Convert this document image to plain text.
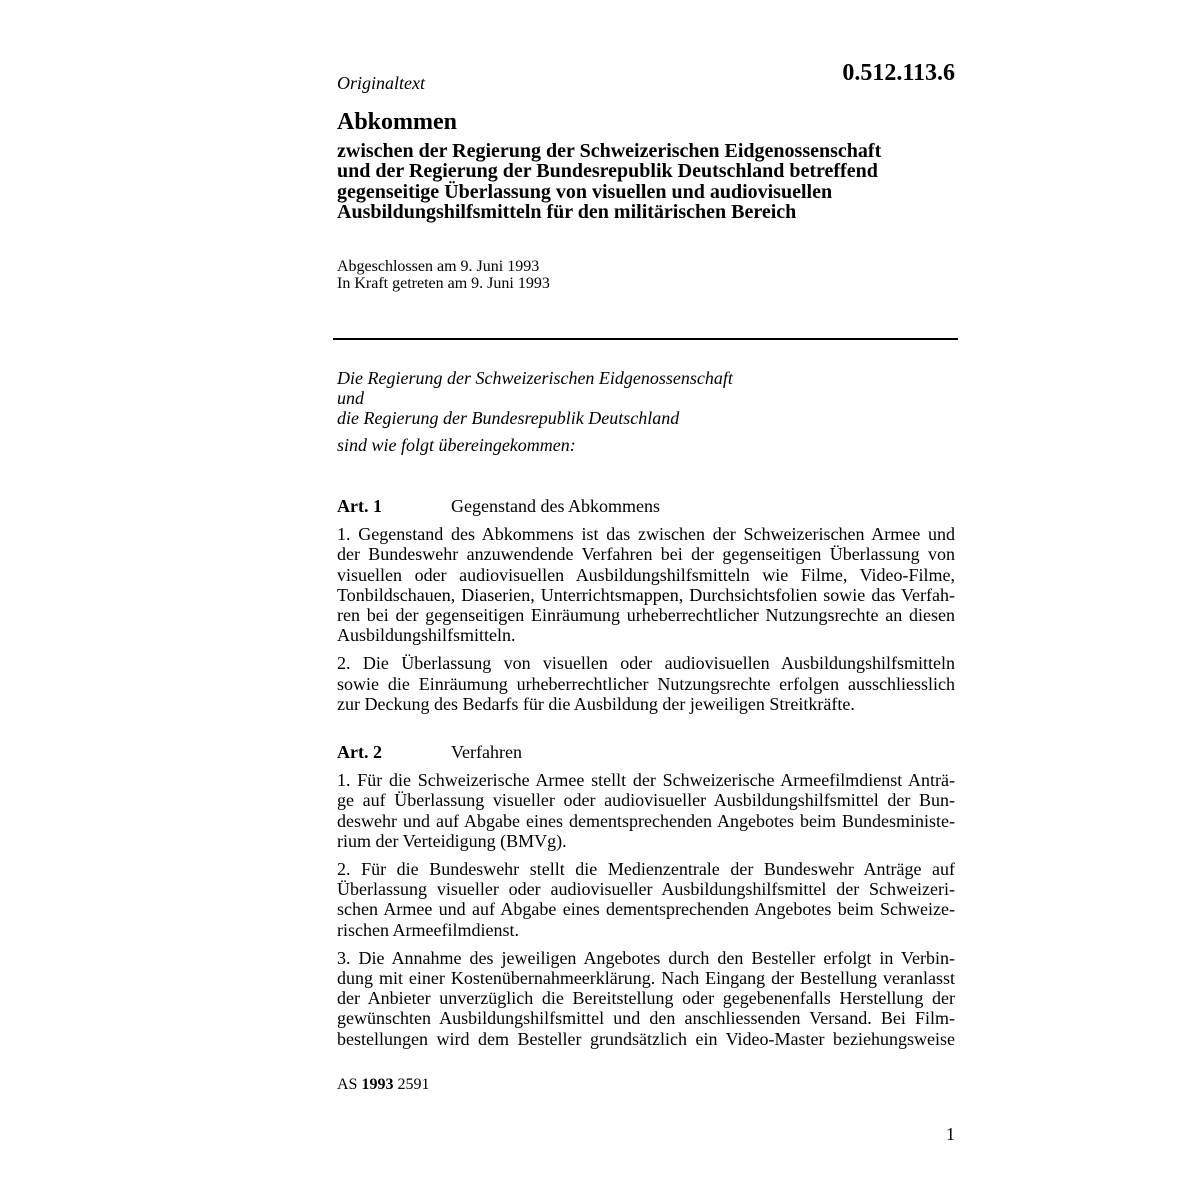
Originaltext	0.512.113.6
Abkommen
zwischen der Regierung der Schweizerischen Eidgenossenschaft
und der Regierung der Bundesrepublik Deutschland betreffend
gegenseitige Überlassung von visuellen und audiovisuellen
Ausbildungshilfsmitteln für den militärischen Bereich
Abgeschlossen am 9. Juni 1993
In Kraft getreten am 9. Juni 1993
Die Regierung der Schweizerischen Eidgenossenschaft
und
die Regierung der Bundesrepublik Deutschland
sind wie folgt übereingekommen:
Art. 1	Gegenstand des Abkommens
1. Gegenstand des Abkommens ist das zwischen der Schweizerischen Armee und
der Bundeswehr anzuwendende Verfahren bei der gegenseitigen Überlassung von
visuellen oder audiovisuellen Ausbildungshilfsmitteln wie Filme, Video-Filme,
Tonbildschauen, Diaserien, Unterrichtsmappen, Durchsichtsfolien sowie das Verfah-
ren bei der gegenseitigen Einräumung urheberrechtlicher Nutzungsrechte an diesen
Ausbildungshilfsmitteln.
2. Die Überlassung von visuellen oder audiovisuellen Ausbildungshilfsmitteln
sowie die Einräumung urheberrechtlicher Nutzungsrechte erfolgen ausschliesslich
zur Deckung des Bedarfs für die Ausbildung der jeweiligen Streitkräfte.
Art. 2	Verfahren
1. Für die Schweizerische Armee stellt der Schweizerische Armeefilmdienst Anträ-
ge auf Überlassung visueller oder audiovisueller Ausbildungshilfsmittel der Bun-
deswehr und auf Abgabe eines dementsprechenden Angebotes beim Bundesministe-
rium der Verteidigung (BMVg).
2. Für die Bundeswehr stellt die Medienzentrale der Bundeswehr Anträge auf
Überlassung visueller oder audiovisueller Ausbildungshilfsmittel der Schweizeri-
schen Armee und auf Abgabe eines dementsprechenden Angebotes beim Schweize-
rischen Armeefilmdienst.
3. Die Annahme des jeweiligen Angebotes durch den Besteller erfolgt in Verbin-
dung mit einer Kostenübernahmeerklärung. Nach Eingang der Bestellung veranlasst
der Anbieter unverzüglich die Bereitstellung oder gegebenenfalls Herstellung der
gewünschten Ausbildungshilfsmittel und den anschliessenden Versand. Bei Film-
bestellungen wird dem Besteller grundsätzlich ein Video-Master beziehungsweise
AS 1993 2591
1
